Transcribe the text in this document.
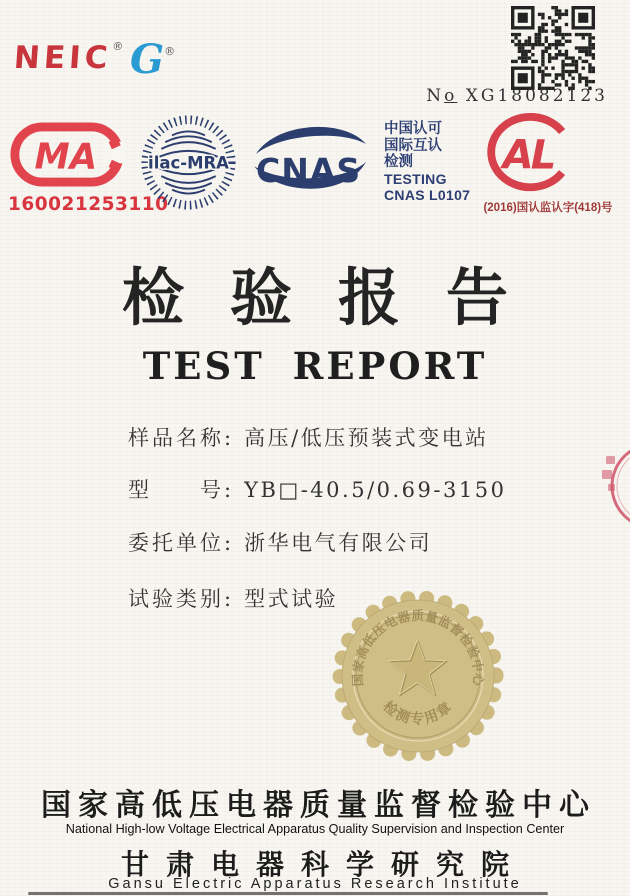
NEIC® G®
No XG18082123
MA
160021253110
ilac-MRA CNAS
中国认可
国际互认
检测
TESTING
CNAS L0107
AL
(2016)国认监认字(418)号
检验报告
TEST REPORT
样品名称: 高压/低压预装式变电站
型　　号: YB□-40.5/0.69-3150
委托单位: 浙华电气有限公司
试验类别: 型式试验
国家高低压电器质量监督检验中心
检测专用章
国家高低压电器质量监督检验中心
National High-low Voltage Electrical Apparatus Quality Supervision and Inspection Center
甘肃电器科学研究院
Gansu Electric Apparatus Research Institute
